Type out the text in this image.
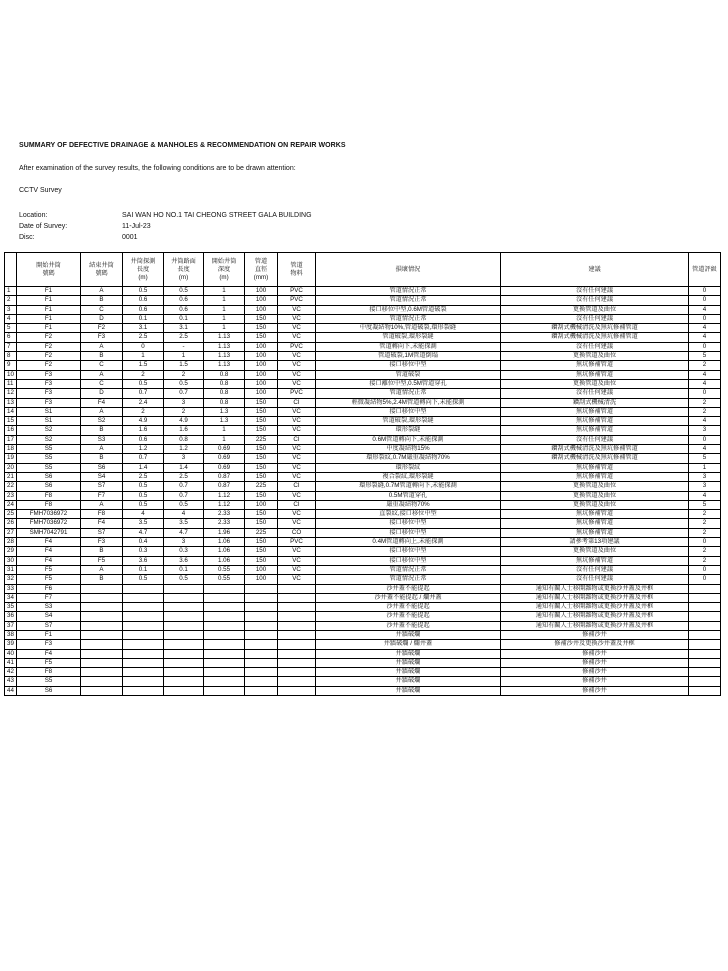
SUMMARY OF DEFECTIVE DRAINAGE & MANHOLES & RECOMMENDATION ON REPAIR WORKS
After examination of the survey results, the following conditions are to be drawn attention:
CCTV Survey
Location:	SAI WAN HO NO.1 TAI CHEONG STREET GALA BUILDING
Date of Survey:	11-Jul-23
Disc:	0001
	開始井筒
號碼	結束井筒
號碼	井筒探測
長度
(m)	井筒路面
長度
(m)	開始井筒
深度
(m)	管道
直徑
(mm)	管道
物料	損壞情況	建議	管道評級
1	F1	A	0.5	0.5	1	100	PVC	管道情況正常	沒有任何建議	0
2	F1	B	0.6	0.6	1	100	PVC	管道情況正常	沒有任何建議	0
3	F1	C	0.6	0.6	1	100	VC	接口移位中型,0.6M管道破裂	更換管道及曲位	4
4	F1	D	0.1	0.1	1	150	VC	管道情況正常	沒有任何建議	0
5	F1	F2	3.1	3.1	1	150	VC	中度凝結物10%,管道破裂,環形裂縫	鑽刮式機械清洗及無坑修補管道	4
6	F2	F3	2.5	2.5	1.13	150	VC	管道破裂,環形裂縫	鑽刮式機械清洗及無坑修補管道	4
7	F2	A	0	-	1.13	100	PVC	管道轉向下,未能探測	沒有任何建議	0
8	F2	B	1	1	1.13	100	VC	管道破裂,1M管道倒塌	更換管道及曲位	5
9	F2	C	1.5	1.5	1.13	100	VC	接口移位中型	無坑修補管道	2
10	F3	A	2	2	0.8	100	VC	管道破裂	無坑修補管道	4
11	F3	C	0.5	0.5	0.8	100	VC	接口離位中型,0.5M管道穿孔	更換管道及曲位	4
12	F3	D	0.7	0.7	0.8	100	PVC	管道情況正常	沒有任何建議	0
13	F3	F4	2.4	3	0.8	150	CI	輕微凝結物5%,2.4M管道轉向下,未能探測	鑽刮式機械清洗	2
14	S1	A	2	2	1.3	150	VC	接口移位中型	無坑修補管道	2
15	S1	S2	4.9	4.9	1.3	150	VC	管道破裂,環形裂縫	無坑修補管道	4
16	S2	B	1.6	1.6	1	150	VC	環形裂縫	無坑修補管道	3
17	S2	S3	0.6	0.8	1	225	CI	0.6M管道轉向下,未能探測	沒有任何建議	0
18	S5	A	1.2	1.2	0.69	150	VC	中度凝結物15%	鑽刮式機械清洗及無坑修補管道	4
19	S5	B	0.7	3	0.69	150	VC	環形裂紋,0.7M嚴重凝結物70%	鑽刮式機械清洗及無坑修補管道	5
20	S5	S6	1.4	1.4	0.69	150	VC	環形裂紋	無坑修補管道	1
21	S6	S4	2.5	2.5	0.87	150	VC	複合裂紋,環形裂縫	無坑修補管道	3
22	S6	S7	0.5	0.7	0.87	225	CI	環形裂縫,0.7M管道轉向下,未能探測	更換管道及曲位	3
23	F8	F7	0.5	0.7	1.12	150	VC	0.5M管道穿孔	更換管道及曲位	4
24	F8	A	0.5	0.5	1.12	100	CI	嚴重凝結物70%	更換管道及曲位	5
25	FMH7036972	F8	4	4	2.33	150	VC	直裂紋,接口移位中型	無坑修補管道	2
26	FMH7036972	F4	3.5	3.5	2.33	150	VC	接口移位中型	無坑修補管道	2
27	SMH7042791	S7	4.7	4.7	1.96	225	CO	接口移位中型	無坑修補管道	2
28	F4	F3	0.4	3	1.06	150	PVC	0.4M管道轉向上,未能探測	請參考第13項建議	0
29	F4	B	0.3	0.3	1.06	150	VC	接口移位中型	更換管道及曲位	2
30	F4	F5	3.6	3.6	1.06	150	VC	接口移位中型	無坑修補管道	2
31	F5	A	0.1	0.1	0.55	100	VC	管道情況正常	沒有任何建議	0
32	F5	B	0.5	0.5	0.55	100	VC	管道情況正常	沒有任何建議	0
33	F6							沙井蓋不能提起	通知有關人士移開雜物或更換沙井蓋及井框	
34	F7							沙井蓋不能提起 / 爛井蓋	通知有關人士移開雜物或更換沙井蓋及井框	
35	S3							沙井蓋不能提起	通知有關人士移開雜物或更換沙井蓋及井框	
36	S4							沙井蓋不能提起	通知有關人士移開雜物或更換沙井蓋及井框	
37	S7							沙井蓋不能提起	通知有關人士移開雜物或更換沙井蓋及井框	
38	F1							井牆破爛	修補沙井	
39	F3							井牆破爛 / 爛井蓋	修補沙井及更換沙井蓋及井框	
40	F4							井牆破爛	修補沙井	
41	F5							井牆破爛	修補沙井	
42	F8							井牆破爛	修補沙井	
43	S5							井牆破爛	修補沙井	
44	S6							井牆破爛	修補沙井	
